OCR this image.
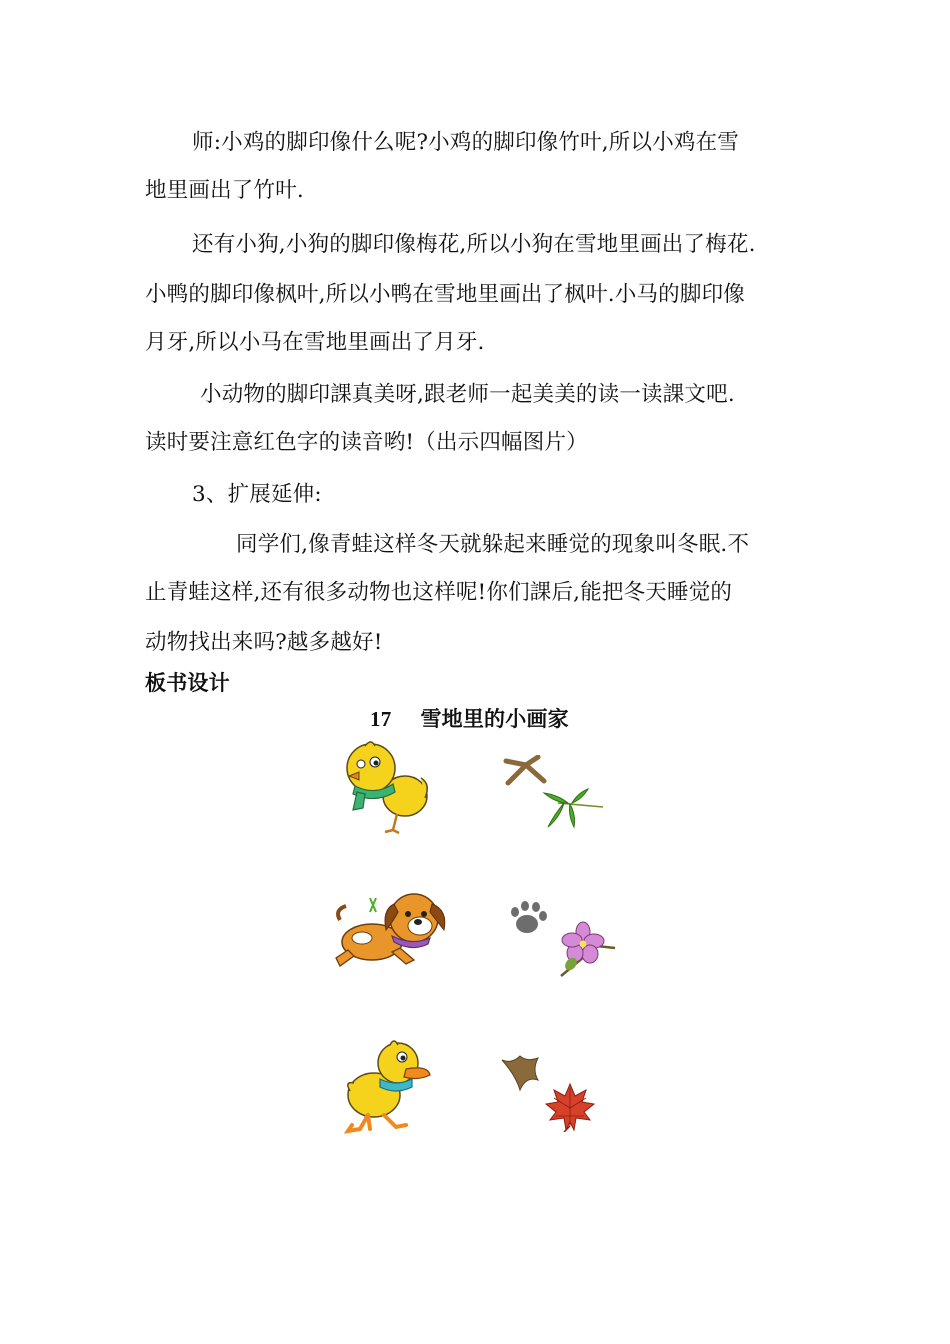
师:小鸡的脚印像什么呢?小鸡的脚印像竹叶,所以小鸡在雪
地里画出了竹叶.
还有小狗,小狗的脚印像梅花,所以小狗在雪地里画出了梅花.
小鸭的脚印像枫叶,所以小鸭在雪地里画出了枫叶.小马的脚印像
月牙,所以小马在雪地里画出了月牙.
小动物的脚印課真美呀,跟老师一起美美的读一读課文吧.
读时要注意红色字的读音哟!（出示四幅图片）
3、扩展延伸:
同学们,像青蛙这样冬天就躲起来睡觉的现象叫冬眠.不
止青蛙这样,还有很多动物也这样呢!你们課后,能把冬天睡觉的
动物找出来吗?越多越好!
板书设计
17 雪地里的小画家
